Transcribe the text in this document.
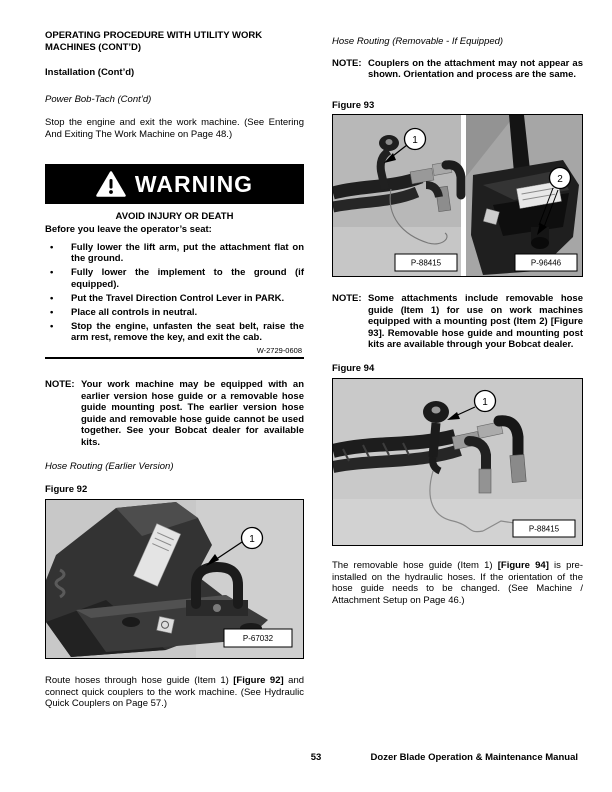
OPERATING PROCEDURE WITH UTILITY WORK MACHINES (CONT’D)
Installation (Cont’d)
Power Bob-Tach (Cont’d)

Stop the engine and exit the work machine. (See Entering And Exiting The Work Machine on Page 48.)

WARNING
AVOID INJURY OR DEATH
Before you leave the operator’s seat:
•	Fully lower the lift arm, put the attachment flat on the ground.
•	Fully lower the implement to the ground (if equipped).
•	Put the Travel Direction Control Lever in PARK.
•	Place all controls in neutral.
•	Stop the engine, unfasten the seat belt, raise the arm rest, remove the key, and exit the cab.
W-2729-0608
NOTE: Your work machine may be equipped with an earlier version hose guide or a removable hose guide mounting post. The earlier version hose guide and removable hose guide cannot be used together. See your Bobcat dealer for available kits.
Hose Routing (Earlier Version)
Figure 92
1
P-67032

Route hoses through hose guide (Item 1) [Figure 92] and connect quick couplers to the work machine. (See Hydraulic Quick Couplers on Page 57.)

Hose Routing (Removable - If Equipped)
NOTE: Couplers on the attachment may not appear as shown. Orientation and process are the same.
Figure 93
1
P-88415
2
P-96446
NOTE: Some attachments include removable hose guide (Item 1) for use on work machines equipped with a mounting post (Item 2) [Figure 93]. Removable hose guide and mounting post kits are available through your Bobcat dealer.
Figure 94
1
P-88415

The removable hose guide (Item 1) [Figure 94] is pre-installed on the hydraulic hoses. If the orientation of the hose guide needs to be changed. (See Machine / Attachment Setup on Page 46.)

53	Dozer Blade Operation & Maintenance Manual
